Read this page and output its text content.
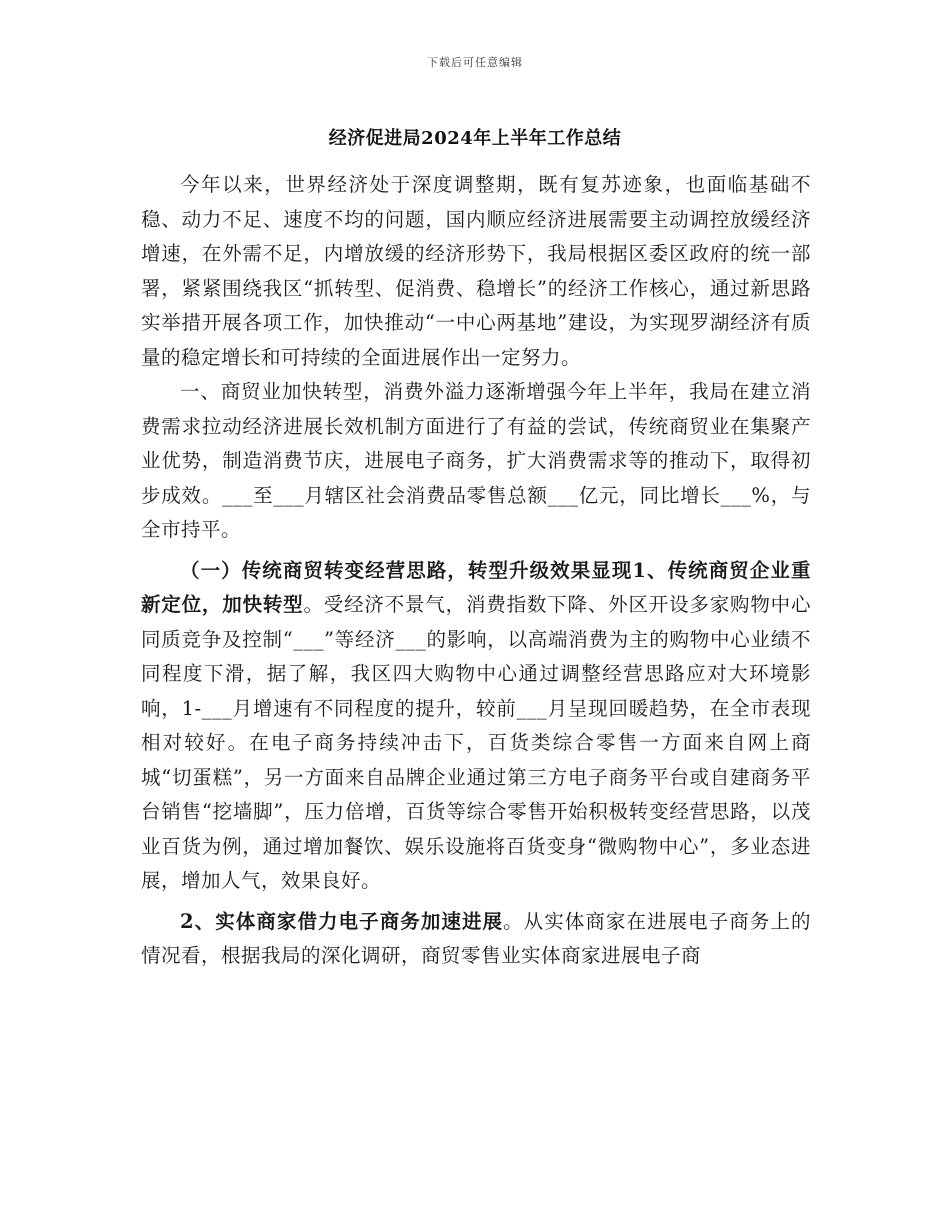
下载后可任意编辑
经济促进局2024年上半年工作总结

今年以来，世界经济处于深度调整期，既有复苏迹象，也面临基础不稳、动力不足、速度不均的问题，国内顺应经济进展需要主动调控放缓经济增速，在外需不足，内增放缓的经济形势下，我局根据区委区政府的统一部署，紧紧围绕我区“抓转型、促消费、稳增长”的经济工作核心，通过新思路实举措开展各项工作，加快推动“一中心两基地”建设，为实现罗湖经济有质量的稳定增长和可持续的全面进展作出一定努力。

一、商贸业加快转型，消费外溢力逐渐增强今年上半年，我局在建立消费需求拉动经济进展长效机制方面进行了有益的尝试，传统商贸业在集聚产业优势，制造消费节庆，进展电子商务，扩大消费需求等的推动下，取得初步成效。___至___月辖区社会消费品零售总额___亿元，同比增长___%，与全市持平。

（一）传统商贸转变经营思路，转型升级效果显现1、传统商贸企业重新定位，加快转型。受经济不景气，消费指数下降、外区开设多家购物中心同质竞争及控制“___”等经济___的影响，以高端消费为主的购物中心业绩不同程度下滑，据了解，我区四大购物中心通过调整经营思路应对大环境影响，1-___月增速有不同程度的提升，较前___月呈现回暖趋势，在全市表现相对较好。在电子商务持续冲击下，百货类综合零售一方面来自网上商城“切蛋糕”，另一方面来自品牌企业通过第三方电子商务平台或自建商务平台销售“挖墙脚”，压力倍增，百货等综合零售开始积极转变经营思路，以茂业百货为例，通过增加餐饮、娱乐设施将百货变身“微购物中心”，多业态进展，增加人气，效果良好。

2、实体商家借力电子商务加速进展。从实体商家在进展电子商务上的情况看，根据我局的深化调研，商贸零售业实体商家进展电子商
